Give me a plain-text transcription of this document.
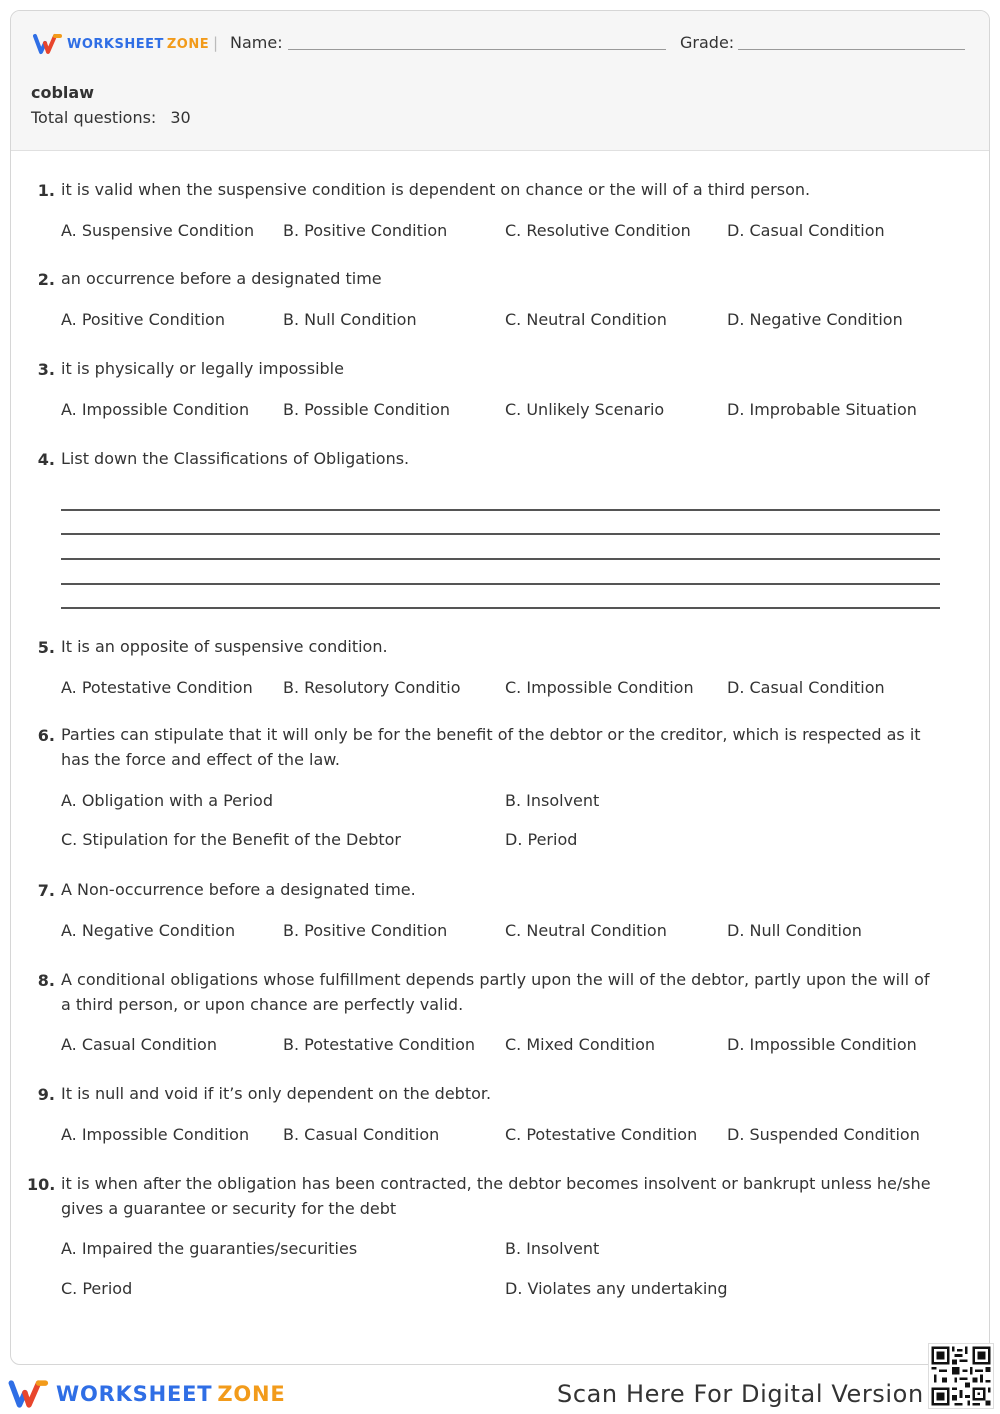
WORKSHEET ZONE | Name:	Grade:
coblaw
Total questions: 30
1. it is valid when the suspensive condition is dependent on chance or the will of a third person.
A. Suspensive Condition B. Positive Condition	C. Resolutive Condition D. Casual Condition
2. an occurrence before a designated time
A. Positive Condition	B. Null Condition	C. Neutral Condition	D. Negative Condition
3. it is physically or legally impossible
A. Impossible Condition B. Possible Condition	C. Unlikely Scenario	D. Improbable Situation
4. List down the Classifications of Obligations.
5. It is an opposite of suspensive condition.
A. Potestative Condition B. Resolutory Conditio	C. Impossible Condition D. Casual Condition
6. Parties can stipulate that it will only be for the benefit of the debtor or the creditor, which is respected as it has the force and effect of the law.
A. Obligation with a Period	B. Insolvent
C. Stipulation for the Benefit of the Debtor	D. Period
7. A Non-occurrence before a designated time.
A. Negative Condition	B. Positive Condition	C. Neutral Condition	D. Null Condition
8. A conditional obligations whose fulfillment depends partly upon the will of the debtor, partly upon the will of a third person, or upon chance are perfectly valid.
A. Casual Condition	B. Potestative Condition C. Mixed Condition	D. Impossible Condition
9. It is null and void if it’s only dependent on the debtor.
A. Impossible Condition B. Casual Condition	C. Potestative Condition D. Suspended Condition
10. it is when after the obligation has been contracted, the debtor becomes insolvent or bankrupt unless he/she gives a guarantee or security for the debt
A. Impaired the guaranties/securities	B. Insolvent
C. Period	D. Violates any undertaking
WORKSHEET ZONE	Scan Here For Digital Version
